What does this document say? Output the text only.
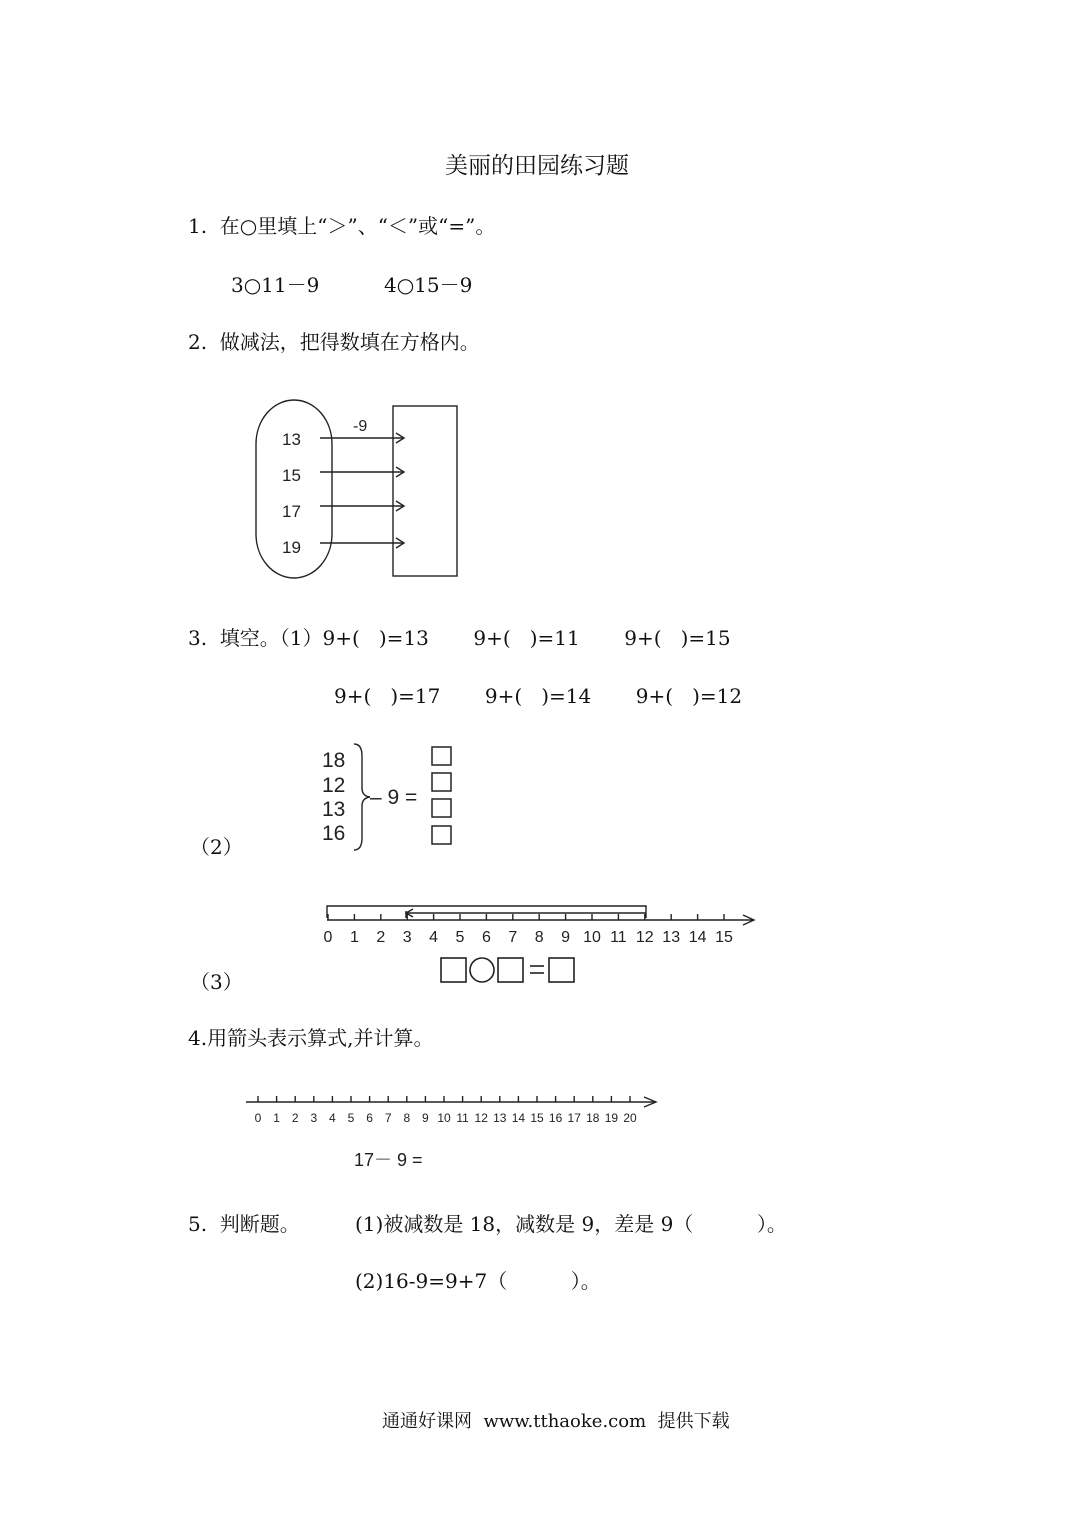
美丽的田园练习题
1.  在○里填上“＞”、“＜”或“=”。
3○11－9	4○15－9
2.  做减法，把得数填在方格内。
3.  填空。（1）9+(   )=13       9+(   )=11       9+(   )=15
9+(   )=17       9+(   )=14       9+(   )=12
（2）
（3）
4.用箭头表示算式,并计算。
5.  判断题。	(1)被减数是 18，减数是 9，差是 9（          ）。
(2)16-9=9+7（          ）。
通通好课网  www.tthaoke.com  提供下载
-9
13
15
17
19
18
12
13
16
– 9 =
0 1 2 3 4 5 6 7 8 9 10 11 12 13 14 15
0 1 2 3 4 5 6 7 8 9 10 11 12 13 14 15 16 17 18 19 20
17－ 9 =
